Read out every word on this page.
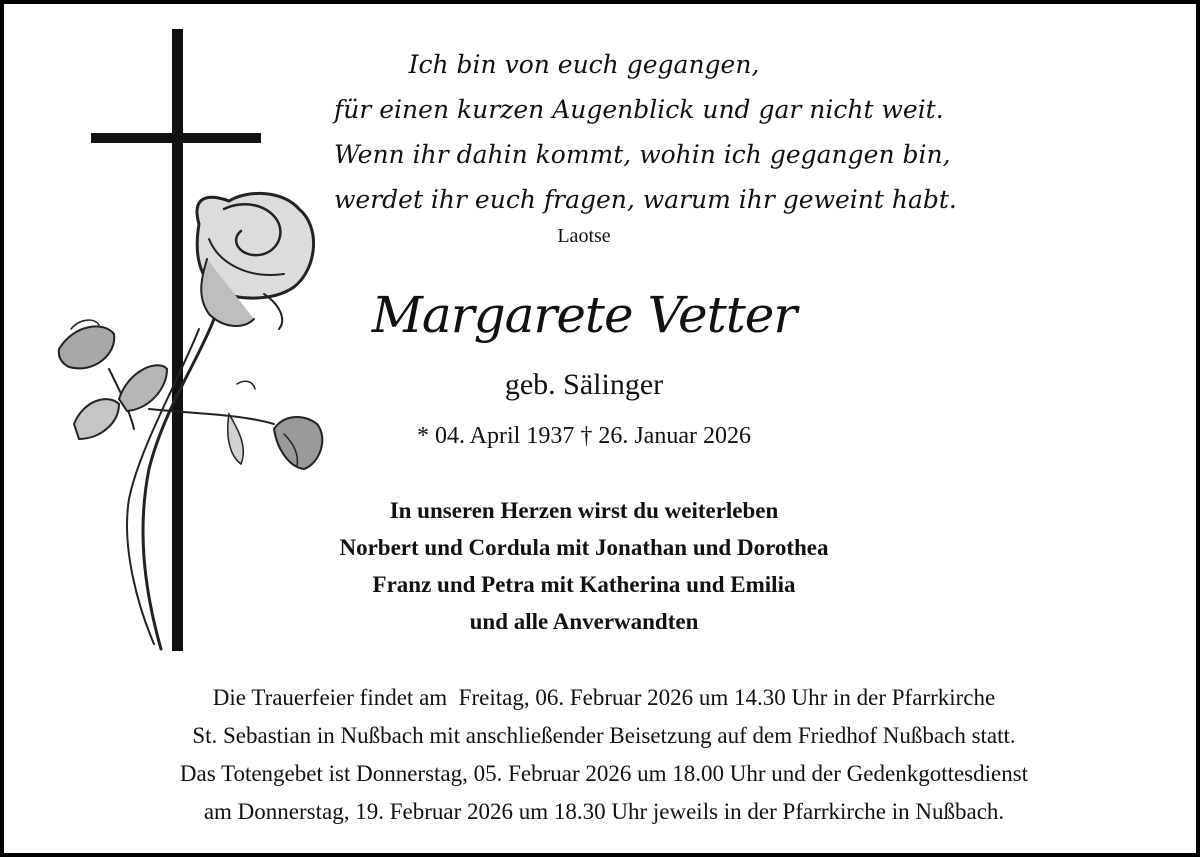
Ich bin von euch gegangen,
für einen kurzen Augenblick und gar nicht weit.
Wenn ihr dahin kommt, wohin ich gegangen bin,
werdet ihr euch fragen, warum ihr geweint habt.
Laotse
Margarete Vetter
geb. Sälinger
* 04. April 1937 † 26. Januar 2026
In unseren Herzen wirst du weiterleben
Norbert und Cordula mit Jonathan und Dorothea
Franz und Petra mit Katherina und Emilia
und alle Anverwandten
Die Trauerfeier findet am  Freitag, 06. Februar 2026 um 14.30 Uhr in der Pfarrkirche
St. Sebastian in Nußbach mit anschließender Beisetzung auf dem Friedhof Nußbach statt.
Das Totengebet ist Donnerstag, 05. Februar 2026 um 18.00 Uhr und der Gedenkgottesdienst
am Donnerstag, 19. Februar 2026 um 18.30 Uhr jeweils in der Pfarrkirche in Nußbach.
